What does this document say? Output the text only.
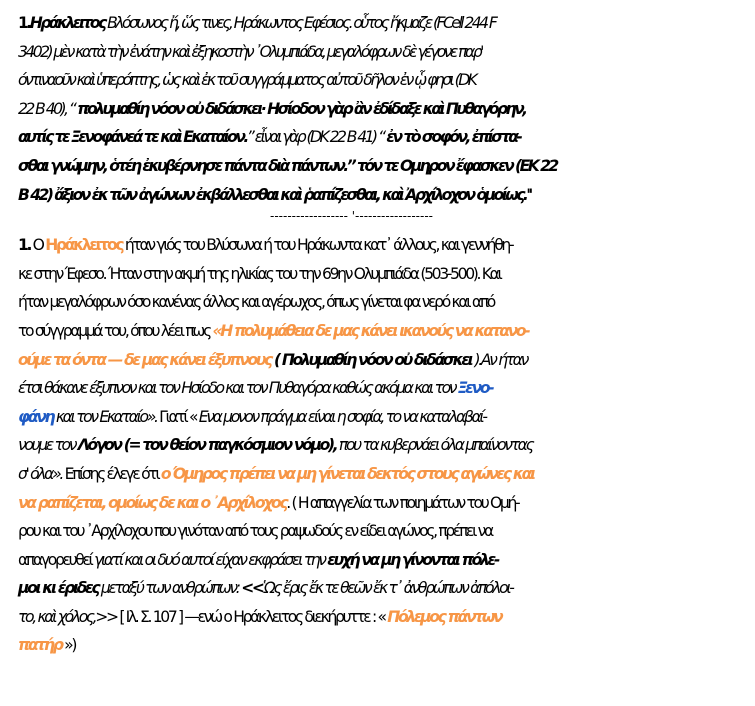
1.Ηράκλειτος Βλόσωνος ἤ, ὥς τινες, Ηράκωντος Εφέσιος. οὗτος ἤκμαζε (FCell 244 F
3402) μὲν κατὰ τὴν ἐνάτην καὶ ἐξηκοστὴν ᾽Ολυμπιάδα, μεγαλόφρων δὲ γέγονε παρ'
όντιναοῦν καὶ ὑπερόπτης, ὡς καὶ ἐκ τοῦ συγγράμματος αὐτοῦ δῆλον ἐν ᾧ φησι (DK
22 B 40), “ πολυμαθίη νόον οὐ διδάσκει· Ησίοδον γὰρ ἂν ἐδίδαξε καὶ Πυθαγόρην,
αυτίς τε Ξενοφάνεά τε καὶ Εκαταίον.” εἶναι γὰρ (DK 22 B 41) “ ἐν τὸ σοφόν, ἐπίστα-
σθαι γνώμην, ὁτέη ἐκυβέρνησε πάντα διὰ πάντων.” τόν τε Ομηρον ἔφασκεν (ΕΚ 22
Β 42) ἄξιον ἐκ τῶν ἀγώνων ἐκβάλλεσθαι καὶ ῥαπίζεσθαι, καὶ Ἀρχίλοχον ὁμοίως.''
------------------ '------------------
1. Ο Ηράκλειτος ήταν γιός του Βλύσωνα ή του Ηράκωντα κατ᾽ άλλους, και γεννήθη-
κε στην Έφεσο. Ήταν στην ακμή της ηλικίας του την 69ην Ολυμπιάδα (503-500). Και
ήταν μεγαλόφρων όσο κανένας άλλος και αγέρωχος, όπως γίνεται φα νερό και από
το σύγγραμμά του, όπου λέει πως «Η πολυμάθεια δε μας κάνει ικανούς να κατανο-
ούμε τα όντα — δε μας κάνει έξυπνους ( Πολυμαθίη νόον οὐ διδάσκει ).Αν ήταν
έτσι θάκανε έξυπνον και τον Ησίοδο και τον Πυθαγόρα καθώς ακόμα και τον Ξενο-
φάνη και τον Εκαταίο». Γιατί « Ενα μονον πράγμα είναι η σοφία, το να καταλαβαί-
νουμε τον Λόγον (= τον θείον παγκόσμιον νόμο), που τα κυβερνάει όλα μπαίνοντας
σ' όλα». Επίσης έλεγε ότι ο Όμηρος πρέπει να μη γίνεται δεκτός στους αγώνες και
να ραπίζεται, ομοίως δε και ο ᾽Αρχίλοχος. ( Η απαγγελία των ποιημάτων του Ομή-
ρου και του ᾽Αρχίλοχου που γινόταν από τους ραψωδούς εν είδει αγώνος, πρέπει να
απαγορευθεί γιατί και οι δυό αυτοί είχαν εκφράσει την ευχή να μη γίνονται πόλε-
μοι κι έριδες μεταξύ των ανθρώπων: <<Ὡς ἔρις ἔκ τε θεῶν ἔκ τ᾽ ἀνθρώπων ἀπόλοι-
το, καὶ χόλος,>> [ Ιλ. Σ. 107 ] —ενώ ο Ηράκλειτος διεκήρυττε : « Πόλεμος πάντων
πατήρ »)
